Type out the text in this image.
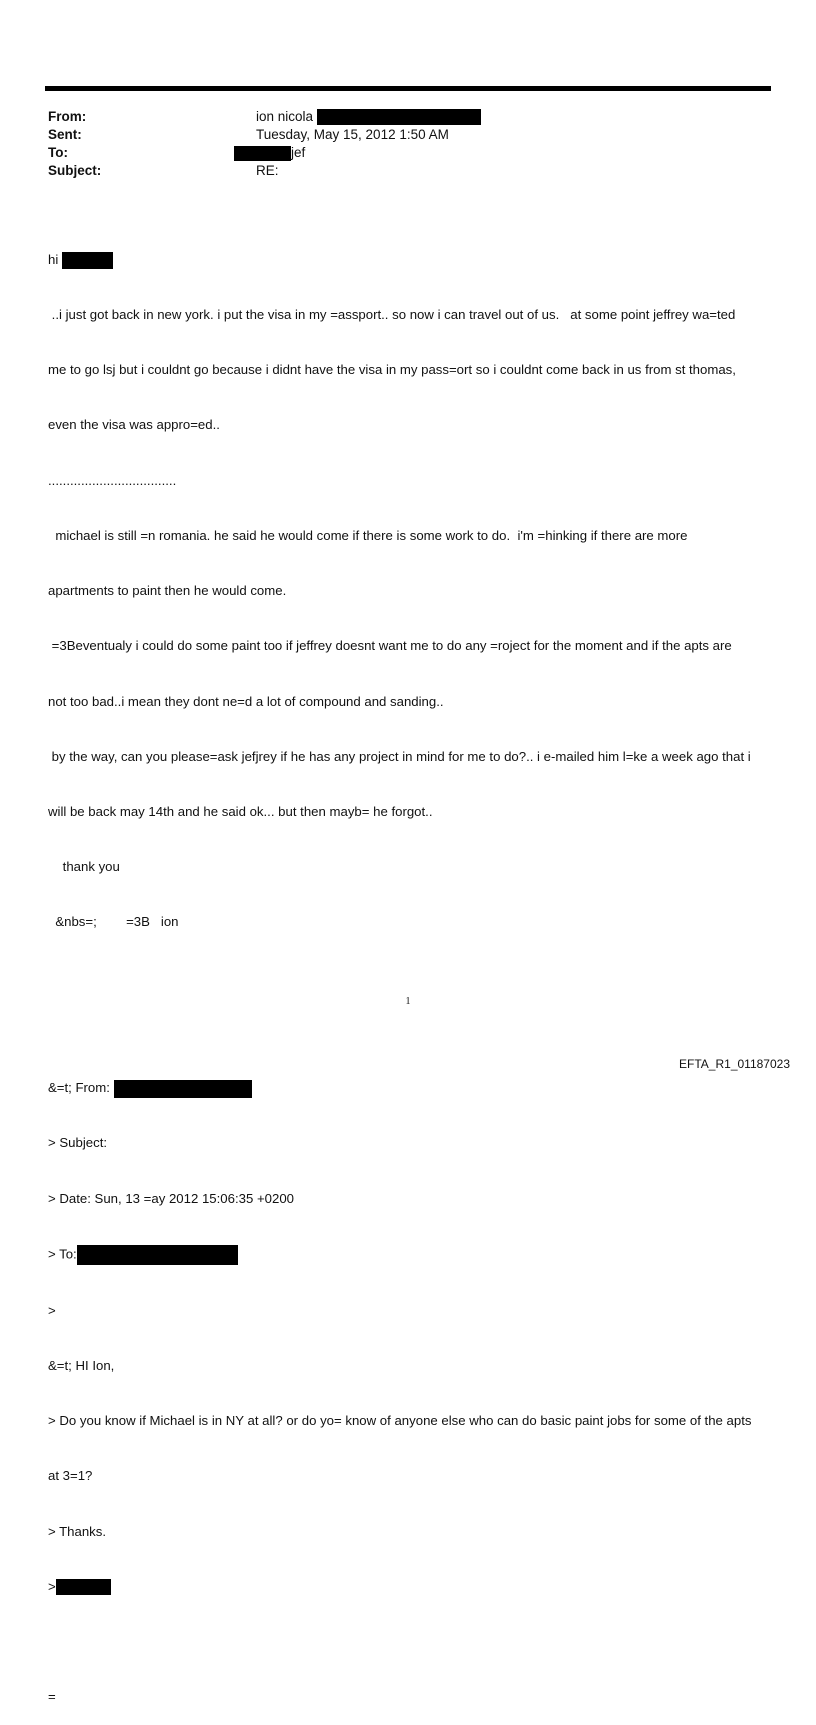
From:	ion nicola
Sent:	Tuesday, May 15, 2012 1:50 AM
To:	jef
Subject:	RE:

hi

..i just got back in new york. i put the visa in my =assport.. so now i can travel out of us.   at some point jeffrey wa=ted

me to go lsj but i couldnt go because i didnt have the visa in my pass=ort so i couldnt come back in us from st thomas,

even the visa was appro=ed..

...................................

michael is still =n romania. he said he would come if there is some work to do.  i'm =hinking if there are more

apartments to paint then he would come.

=3Beventualy i could do some paint too if jeffrey doesnt want me to do any =roject for the moment and if the apts are

not too bad..i mean they dont ne=d a lot of compound and sanding..

by the way, can you please=ask jefjrey if he has any project in mind for me to do?.. i e-mailed him l=ke a week ago that i

will be back may 14th and he said ok... but then mayb= he forgot..

thank you

&nbs=;        =3B   ion

&=t; From:

> Subject:

> Date: Sun, 13 =ay 2012 15:06:35 +0200

> To:

>

&=t; HI Ion,

> Do you know if Michael is in NY at all? or do yo= know of anyone else who can do basic paint jobs for some of the apts

at 3=1?

> Thanks.

>

=

1
EFTA_R1_01187023
